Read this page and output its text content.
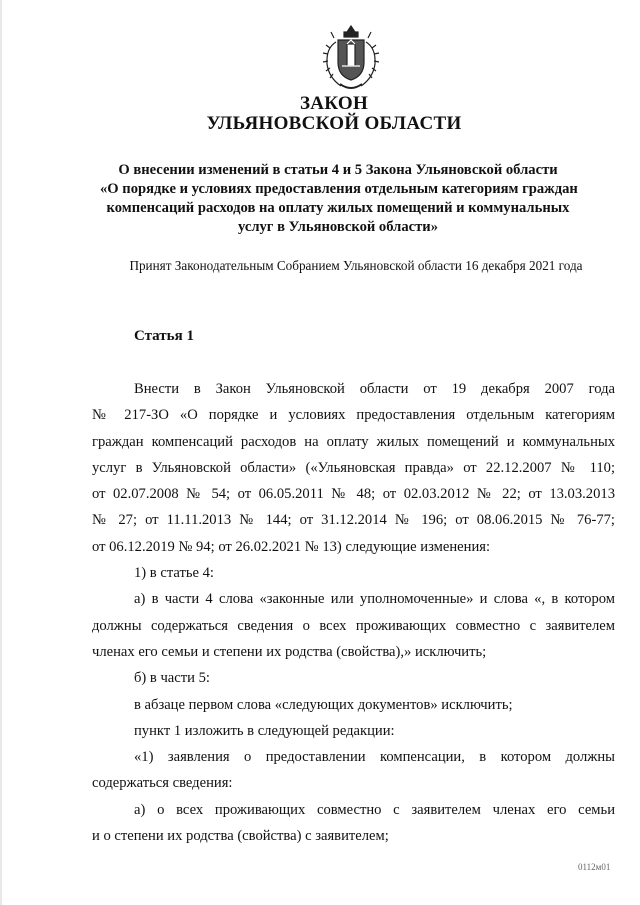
ЗАКОН
УЛЬЯНОВСКОЙ ОБЛАСТИ
О внесении изменений в статьи 4 и 5 Закона Ульяновской области
«О порядке и условиях предоставления отдельным категориям граждан
компенсаций расходов на оплату жилых помещений и коммунальных
услуг в Ульяновской области»
Принят Законодательным Собранием Ульяновской области 16 декабря 2021 года
Статья 1
Внести в Закон Ульяновской области от 19 декабря 2007 года
№ 217-ЗО «О порядке и условиях предоставления отдельным категориям
граждан компенсаций расходов на оплату жилых помещений и коммунальных
услуг в Ульяновской области» («Ульяновская правда» от 22.12.2007 № 110;
от 02.07.2008 № 54; от 06.05.2011 № 48; от 02.03.2012 № 22; от 13.03.2013
№ 27; от 11.11.2013 № 144; от 31.12.2014 № 196; от 08.06.2015 № 76-77;
от 06.12.2019 № 94; от 26.02.2021 № 13) следующие изменения:
1) в статье 4:
а) в части 4 слова «законные или уполномоченные» и слова «, в котором
должны содержаться сведения о всех проживающих совместно с заявителем
членах его семьи и степени их родства (свойства),» исключить;
б) в части 5:
в абзаце первом слова «следующих документов» исключить;
пункт 1 изложить в следующей редакции:
«1) заявления о предоставлении компенсации, в котором должны
содержаться сведения:
а) о всех проживающих совместно с заявителем членах его семьи
и о степени их родства (свойства) с заявителем;
0112м01
